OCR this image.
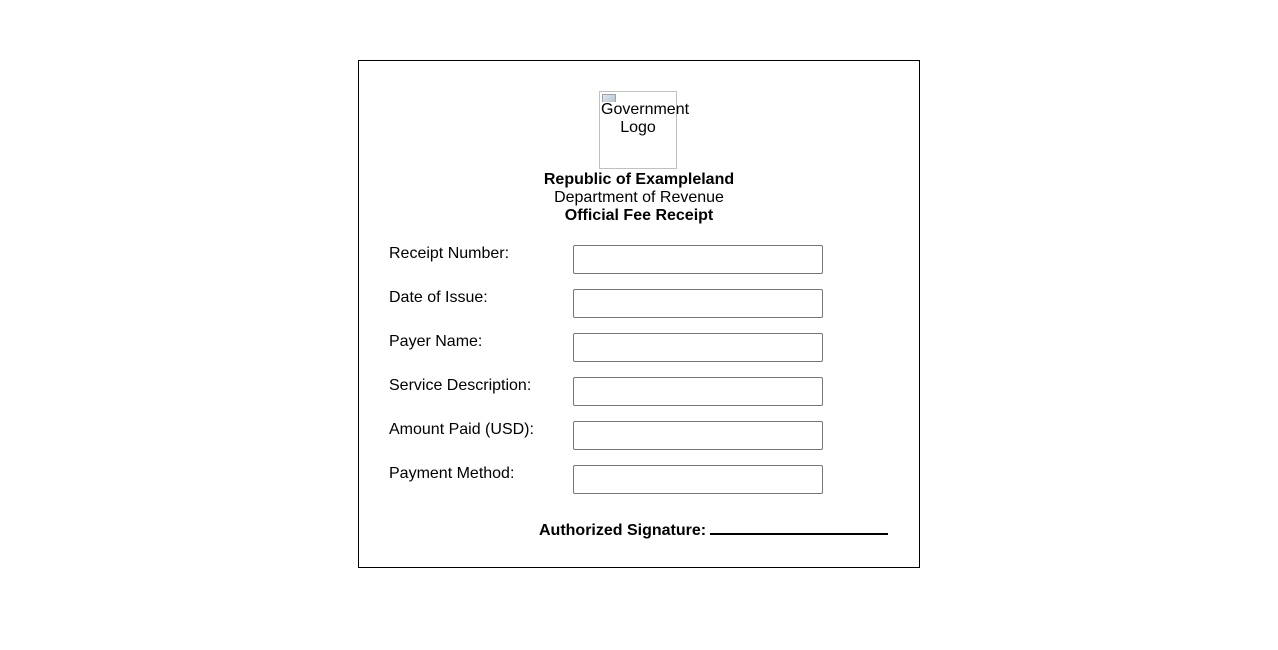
Government
Logo
Republic of Exampleland
Department of Revenue
Official Fee Receipt
Receipt Number:
Date of Issue:
Payer Name:
Service Description:
Amount Paid (USD):
Payment Method:
Authorized Signature:
